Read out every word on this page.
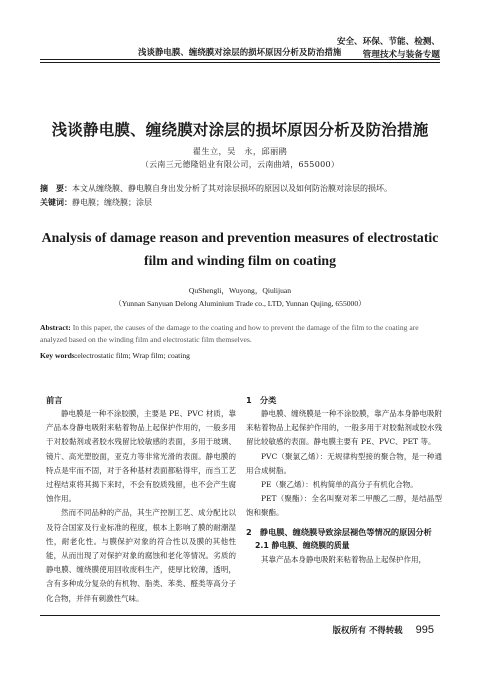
浅谈静电膜、缠绕膜对涂层的损坏原因分析及防治措施
安全、环保、节能、检测、
管理技术与装备专题
浅谈静电膜、缠绕膜对涂层的损坏原因分析及防治措施
翟生立，吴　永，邱丽鹃
（云南三元德隆铝业有限公司，云南曲靖，655000）
摘　要：本文从缠绕膜、静电膜自身出发分析了其对涂层损坏的原因以及如何防治膜对涂层的损坏。
关键词：静电膜；缠绕膜；涂层
Analysis of damage reason and prevention measures of electrostatic film and winding film on coating
QuShengli，Wuyong，Qiulijuan
（Yunnan Sanyuan Delong Aluminium Trade co., LTD, Yunnan Qujing, 655000）
Abstract: In this paper, the causes of the damage to the coating and how to prevent the damage of the film to the coating are analyzed based on the winding film and electrostatic film themselves.
Key words:electrostatic film; Wrap film; coating
前言

静电膜是一种不涂胶膜，主要是 PE、PVC 材质，靠产品本身静电吸附来粘着物品上起保护作用的，一般多用于对胶黏剂或者胶水残留比较敏感的表面，多用于玻璃、镜片、高光塑胶面，亚克力等非常光滑的表面。静电膜的特点是牢而不固，对于各种基材表面都粘得牢，而当工艺过程结束将其揭下来时，不会有胶质残留，也不会产生腐蚀作用。

然而不同品种的产品，其生产控制工艺、成分配比以及符合国家及行业标准的程度，根本上影响了膜的耐潮湿性，耐老化性。与膜保护对象的符合性以及膜的其他性能，从而出现了对保护对象的腐蚀和老化等情况。劣质的静电膜、缠绕膜使用回收废料生产，使厚比较薄，透明，含有多种成分复杂的有机物、脂类、苯类、醛类等高分子化合物，并伴有刺激性气味。

1　分类

静电膜、缠绕膜是一种不涂胶膜，靠产品本身静电吸附来粘着物品上起保护作用的，一般多用于对胶黏剂或胶水残留比较敏感的表面。静电膜主要有 PE、PVC、PET 等。

PVC（聚氯乙烯）：无规律构型接的聚合物，是一种通用合成树脂。

PE（聚乙烯）：机构简单的高分子有机化合物。

PET（聚酯）：全名叫聚对苯二甲酸乙二醇，是结晶型饱和聚酯。

2　静电膜、缠绕膜导致涂层褪色等情况的原因分析
2.1 静电膜、缠绕膜的质量

其靠产品本身静电吸附来粘着物品上起保护作用，

版权所有 不得转载 995
